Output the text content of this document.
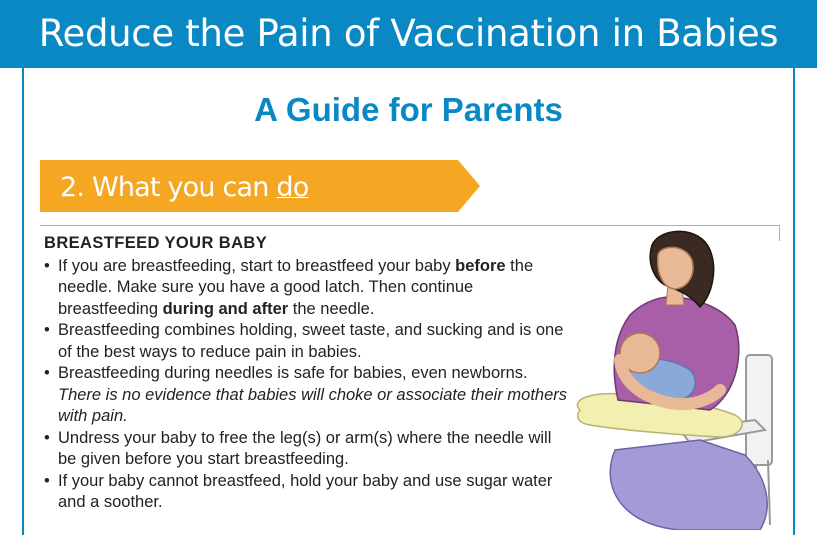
Reduce the Pain of Vaccination in Babies
A Guide for Parents
2. What you can do
BREASTFEED YOUR BABY
• If you are breastfeeding, start to breastfeed your baby before the needle. Make sure you have a good latch. Then continue breastfeeding during and after the needle.
• Breastfeeding combines holding, sweet taste, and sucking and is one of the best ways to reduce pain in babies.
• Breastfeeding during needles is safe for babies, even newborns. There is no evidence that babies will choke or associate their mothers with pain.
• Undress your baby to free the leg(s) or arm(s) where the needle will be given before you start breastfeeding.
• If your baby cannot breastfeed, hold your baby and use sugar water and a soother.
